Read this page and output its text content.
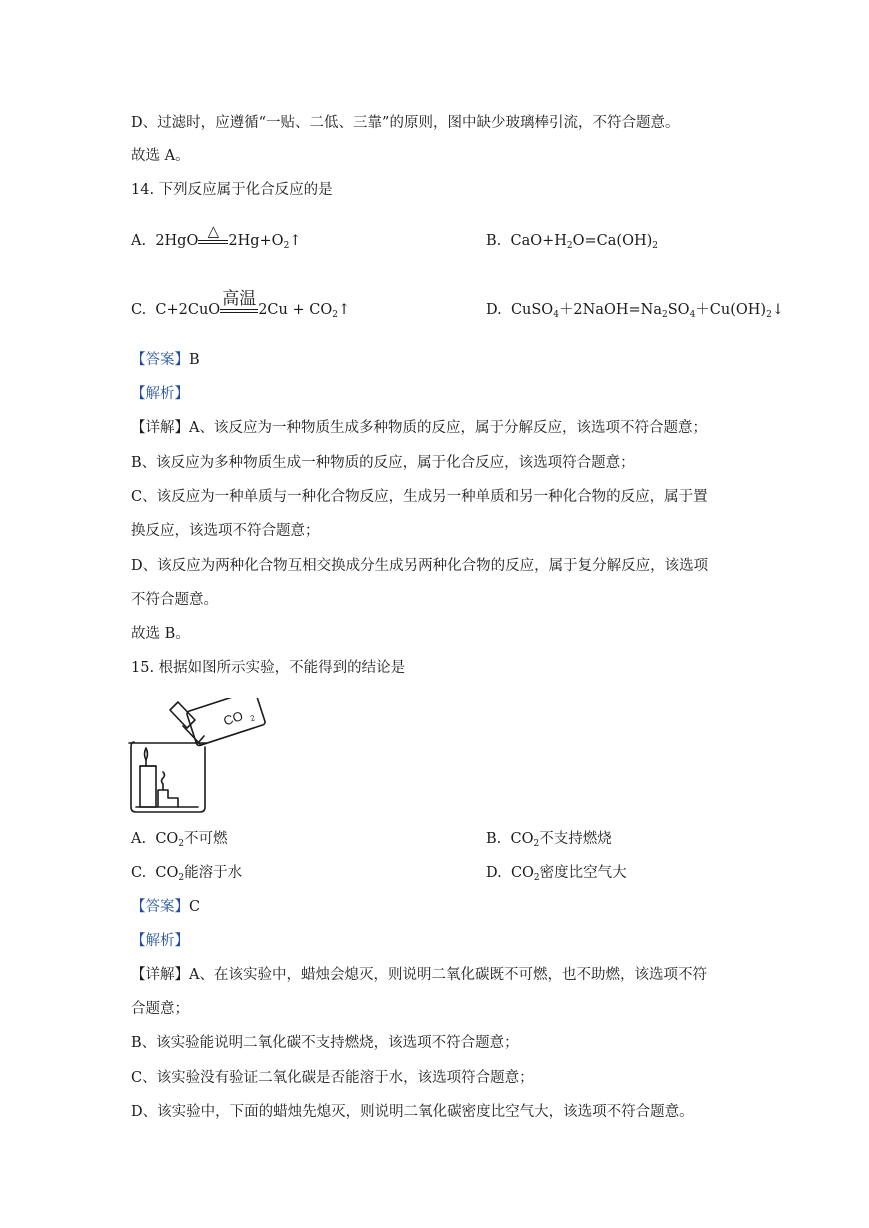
D、过滤时，应遵循“一贴、二低、三靠”的原则，图中缺少玻璃棒引流，不符合题意。
故选 A。
14. 下列反应属于化合反应的是
A. 2HgO
△
$2Hg+O_2↑$	B. $CaO+H_2O=Ca(OH)_2$
C. C+2CuO
高温
$2Cu + CO_2↑$	D. $CuSO_4+2NaOH=Na_2SO_4+Cu(OH)_2↓$
【答案】B
【解析】
【详解】A、该反应为一种物质生成多种物质的反应，属于分解反应，该选项不符合题意；
B、该反应为多种物质生成一种物质的反应，属于化合反应，该选项符合题意；
C、该反应为一种单质与一种化合物反应，生成另一种单质和另一种化合物的反应，属于置
换反应，该选项不符合题意；
D、该反应为两种化合物互相交换成分生成另两种化合物的反应，属于复分解反应，该选项
不符合题意。
故选 B。
15. 根据如图所示实验，不能得到的结论是
CO 2
A. $CO_2$不可燃	B. $CO_2$不支持燃烧
C. $CO_2$能溶于水	D. $CO_2$密度比空气大
【答案】C
【解析】
【详解】A、在该实验中，蜡烛会熄灭，则说明二氧化碳既不可燃，也不助燃，该选项不符
合题意；
B、该实验能说明二氧化碳不支持燃烧，该选项不符合题意；
C、该实验没有验证二氧化碳是否能溶于水，该选项符合题意；
D、该实验中，下面的蜡烛先熄灭，则说明二氧化碳密度比空气大，该选项不符合题意。
